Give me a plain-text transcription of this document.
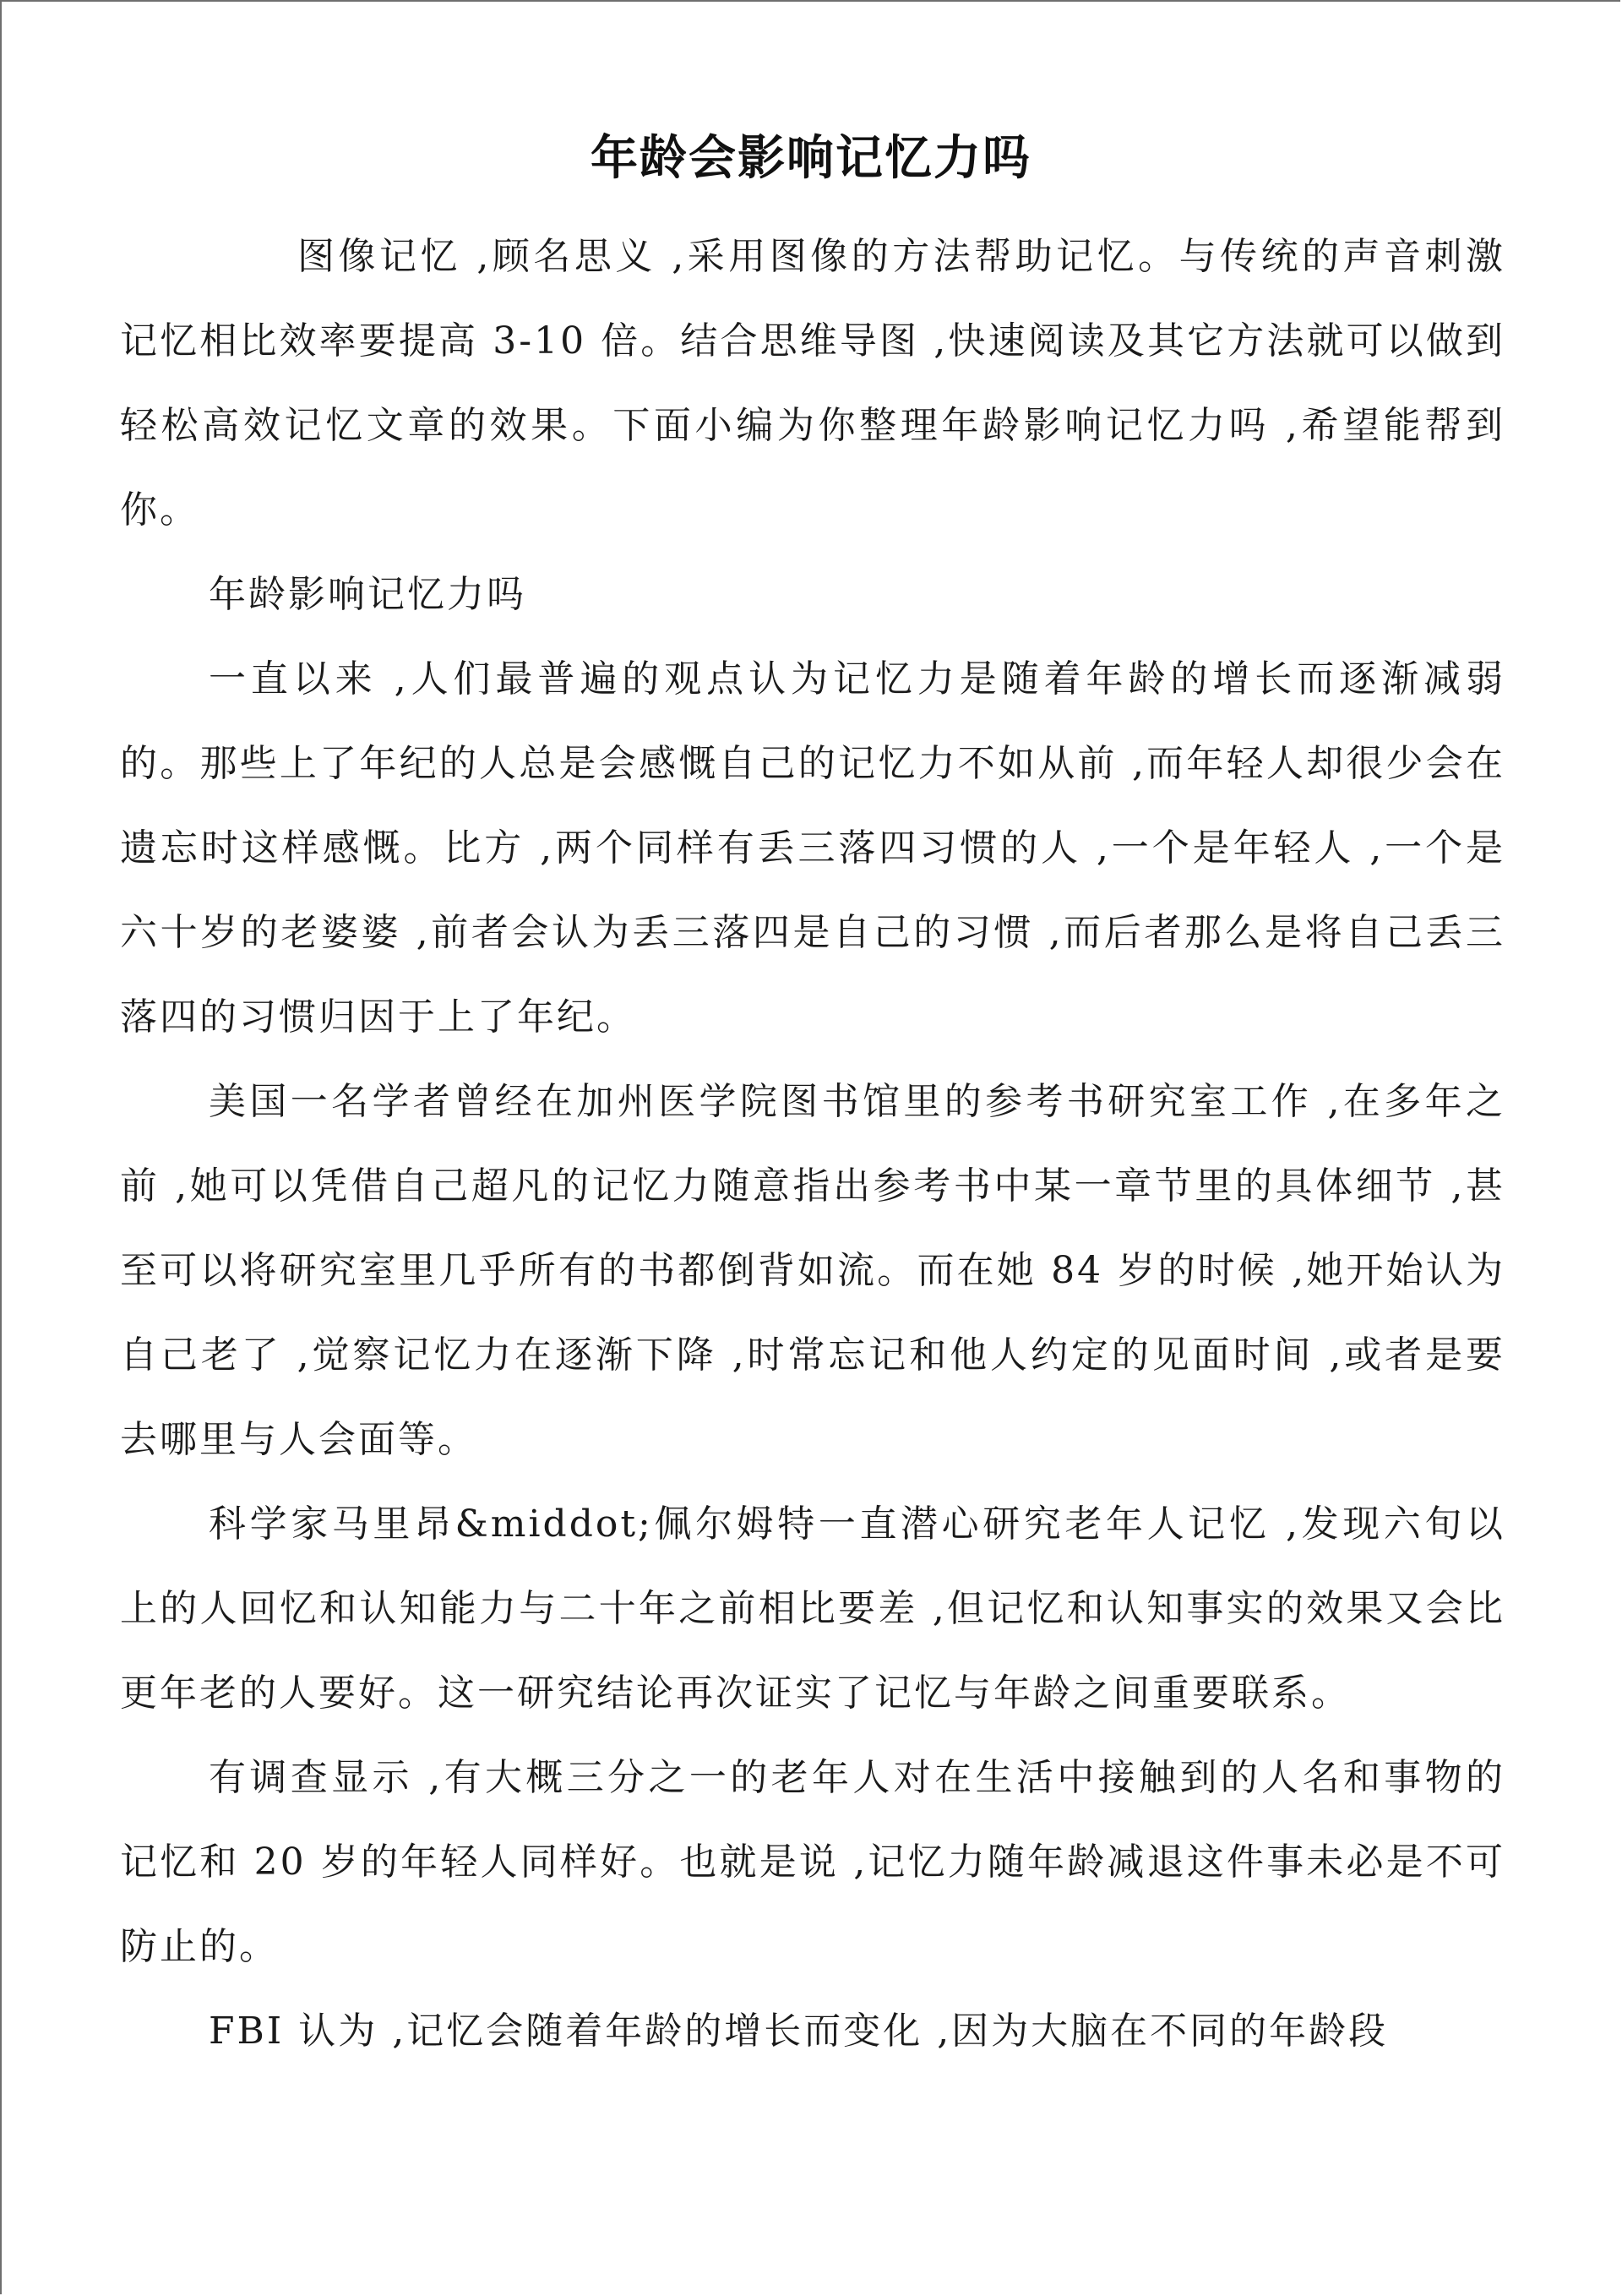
年龄会影响记忆力吗

图像记忆 ,顾名思义 ,采用图像的方法帮助记忆。与传统的声音刺激记忆相比效率要提高 3-10 倍。结合思维导图 ,快速阅读及其它方法就可以做到轻松高效记忆文章的效果。下面小编为你整理年龄影响记忆力吗 ,希望能帮到你。

年龄影响记忆力吗

一直以来 ,人们最普遍的观点认为记忆力是随着年龄的增长而逐渐减弱的。那些上了年纪的人总是会感慨自己的记忆力不如从前 ,而年轻人却很少会在遗忘时这样感慨。比方 ,两个同样有丢三落四习惯的人 ,一个是年轻人 ,一个是六十岁的老婆婆 ,前者会认为丢三落四是自己的习惯 ,而后者那么是将自己丢三落四的习惯归因于上了年纪。

美国一名学者曾经在加州医学院图书馆里的参考书研究室工作 ,在多年之前 ,她可以凭借自己超凡的记忆力随意指出参考书中某一章节里的具体细节 ,甚至可以将研究室里几乎所有的书都倒背如流。而在她 84 岁的时候 ,她开始认为自己老了 ,觉察记忆力在逐渐下降 ,时常忘记和他人约定的见面时间 ,或者是要去哪里与人会面等。

科学家马里昂&middot;佩尔姆特一直潜心研究老年人记忆 ,发现六旬以上的人回忆和认知能力与二十年之前相比要差 ,但记忆和认知事实的效果又会比更年老的人要好。这一研究结论再次证实了记忆与年龄之间重要联系。

有调查显示 ,有大概三分之一的老年人对在生活中接触到的人名和事物的记忆和 20 岁的年轻人同样好。也就是说 ,记忆力随年龄减退这件事未必是不可防止的。

FBI 认为 ,记忆会随着年龄的增长而变化 ,因为大脑在不同的年龄段
